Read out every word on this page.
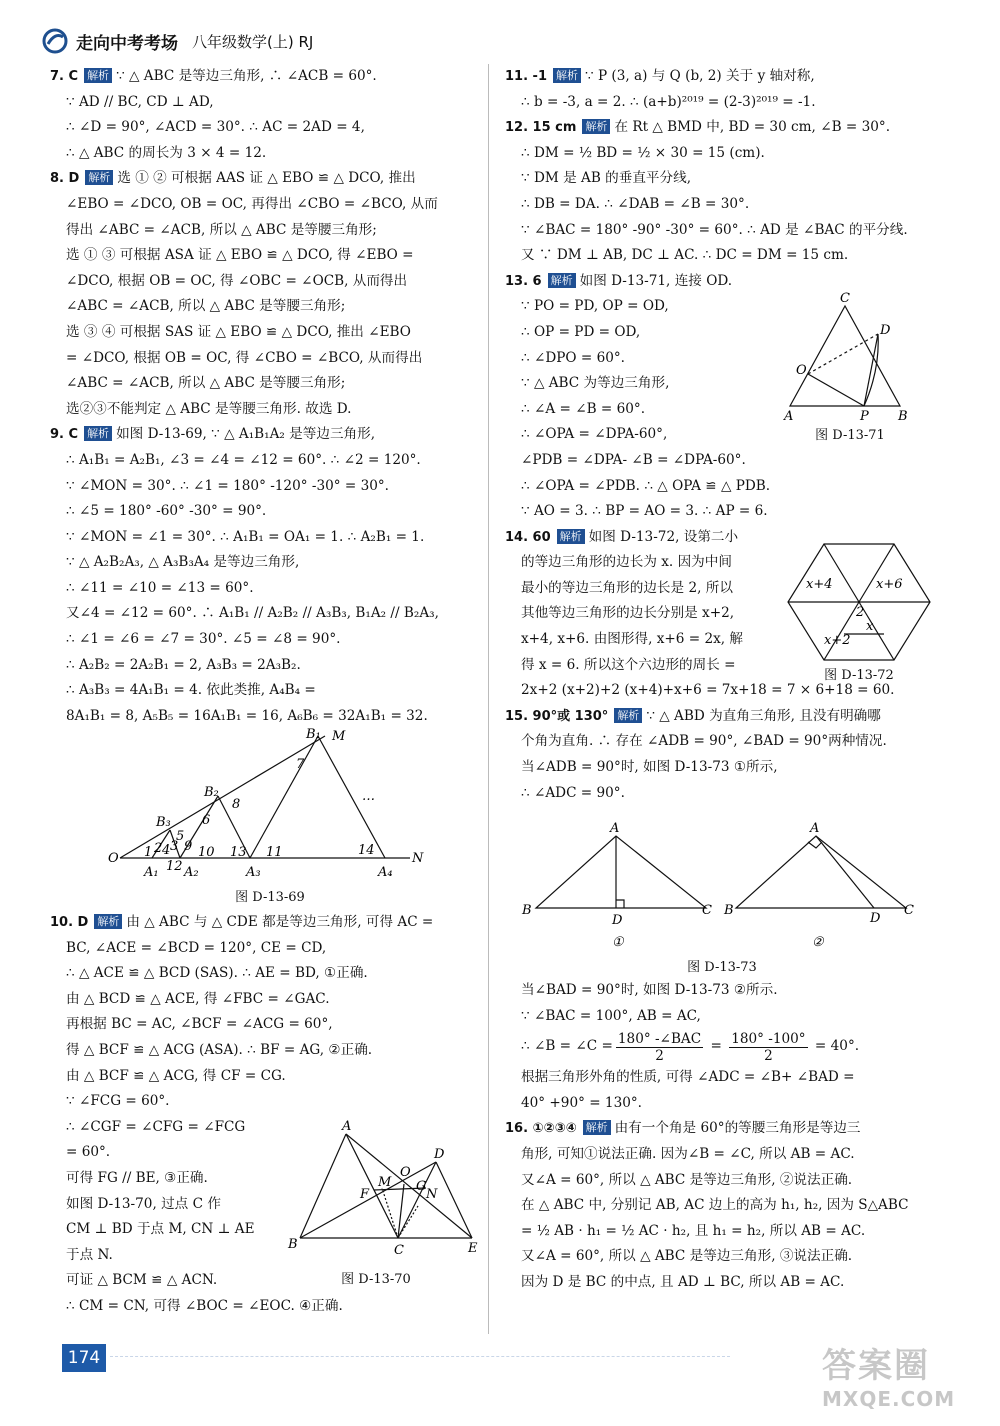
走向中考考场 八年级数学(上) RJ
7. C 解析 ∵ △ ABC 是等边三角形, ∴ ∠ACB = 60°.
∵ AD // BC, CD ⊥ AD,
∴ ∠D = 90°, ∠ACD = 30°. ∴ AC = 2AD = 4,
∴ △ ABC 的周长为 3 × 4 = 12.
8. D 解析 选 ① ② 可根据 AAS 证 △ EBO ≌ △ DCO, 推出
∠EBO = ∠DCO, OB = OC, 再得出 ∠CBO = ∠BCO, 从而
得出 ∠ABC = ∠ACB, 所以 △ ABC 是等腰三角形;
选 ① ③ 可根据 ASA 证 △ EBO ≌ △ DCO, 得 ∠EBO =
∠DCO, 根据 OB = OC, 得 ∠OBC = ∠OCB, 从而得出
∠ABC = ∠ACB, 所以 △ ABC 是等腰三角形;
选 ③ ④ 可根据 SAS 证 △ EBO ≌ △ DCO, 推出 ∠EBO
= ∠DCO, 根据 OB = OC, 得 ∠CBO = ∠BCO, 从而得出
∠ABC = ∠ACB, 所以 △ ABC 是等腰三角形;
选②③不能判定 △ ABC 是等腰三角形. 故选 D.
9. C 解析 如图 D-13-69, ∵ △ A₁B₁A₂ 是等边三角形,
∴ A₁B₁ = A₂B₁, ∠3 = ∠4 = ∠12 = 60°. ∴ ∠2 = 120°.
∵ ∠MON = 30°. ∴ ∠1 = 180° -120° -30° = 30°.
∴ ∠5 = 180° -60° -30° = 90°.
∵ ∠MON = ∠1 = 30°. ∴ A₁B₁ = OA₁ = 1. ∴ A₂B₁ = 1.
∵ △ A₂B₂A₃, △ A₃B₃A₄ 是等边三角形,
∴ ∠11 = ∠10 = ∠13 = 60°.
又∠4 = ∠12 = 60°. ∴ A₁B₁ // A₂B₂ // A₃B₃, B₁A₂ // B₂A₃,
∴ ∠1 = ∠6 = ∠7 = 30°. ∠5 = ∠8 = 90°.
∴ A₂B₂ = 2A₂B₁ = 2, A₃B₃ = 2A₃B₂.
∴ A₃B₃ = 4A₁B₁ = 4. 依此类推, A₄B₄ =
8A₁B₁ = 8, A₅B₅ = 16A₁B₁ = 16, A₆B₆ = 32A₁B₁ = 32.
O	N
M
B₁
B₂
B₃
A₁ A₂	A₃	A₄
…
1 2 3
4
5
6
7
8
9 10	11
12
13	14
图 D-13-69
10. D 解析 由 △ ABC 与 △ CDE 都是等边三角形, 可得 AC =
BC, ∠ACE = ∠BCD = 120°, CE = CD,
∴ △ ACE ≌ △ BCD (SAS). ∴ AE = BD, ①正确.
由 △ BCD ≌ △ ACE, 得 ∠FBC = ∠GAC.
再根据 BC = AC, ∠BCF = ∠ACG = 60°,
得 △ BCF ≌ △ ACG (ASA). ∴ BF = AG, ②正确.
由 △ BCF ≌ △ ACG, 得 CF = CG.
∵ ∠FCG = 60°.
∴ ∠CGF = ∠CFG = ∠FCG
= 60°.
可得 FG // BE, ③正确.
如图 D-13-70, 过点 C 作
CM ⊥ BD 于点 M, CN ⊥ AE
于点 N.
可证 △ BCM ≌ △ ACN.
∴ CM = CN, 可得 ∠BOC = ∠EOC. ④正确.
A
B	C
D
E
F
G
M
N
O
图 D-13-70
11. -1 解析 ∵ P (3, a) 与 Q (b, 2) 关于 y 轴对称,
∴ b = -3, a = 2. ∴ (a+b)²⁰¹⁹ = (2-3)²⁰¹⁹ = -1.
12. 15 cm 解析 在 Rt △ BMD 中, BD = 30 cm, ∠B = 30°.
∴ DM = ½ BD = ½ × 30 = 15 (cm).
∵ DM 是 AB 的垂直平分线,
∴ DB = DA. ∴ ∠DAB = ∠B = 30°.
∵ ∠BAC = 180° -90° -30° = 60°. ∴ AD 是 ∠BAC 的平分线.
又 ∵ DM ⊥ AB, DC ⊥ AC. ∴ DC = DM = 15 cm.
13. 6 解析 如图 D-13-71, 连接 OD.
∵ PO = PD, OP = OD,
∴ OP = PD = OD,
∴ ∠DPO = 60°.
∵ △ ABC 为等边三角形,
∴ ∠A = ∠B = 60°.
∴ ∠OPA = ∠DPA-60°,
∠PDB = ∠DPA- ∠B = ∠DPA-60°.
∴ ∠OPA = ∠PDB. ∴ △ OPA ≌ △ PDB.
∵ AO = 3. ∴ BP = AO = 3. ∴ AP = 6.
14. 60 解析 如图 D-13-72, 设第二小
的等边三角形的边长为 x. 因为中间
最小的等边三角形的边长是 2, 所以
其他等边三角形的边长分别是 x+2,
x+4, x+6. 由图形得, x+6 = 2x, 解
得 x = 6. 所以这个六边形的周长 =
2x+2 (x+2)+2 (x+4)+x+6 = 7x+18 = 7 × 6+18 = 60.
15. 90°或 130° 解析 ∵ △ ABD 为直角三角形, 且没有明确哪
个角为直角. ∴ 存在 ∠ADB = 90°, ∠BAD = 90°两种情况.
当∠ADB = 90°时, 如图 D-13-73 ①所示,
∴ ∠ADC = 90°.
A	B
C
D
O
P
图 D-13-71
x+4	x+6
2
x+2
x
图 D-13-72
A
B	C
D
A
B	C
D
①	②
图 D-13-73
当∠BAD = 90°时, 如图 D-13-73 ②所示.
∵ ∠BAC = 100°, AB = AC,
∴ ∠B = ∠C = 180° -∠BAC
2
= $\frac{180^\circ -100^\circ}{2} = 40^\circ$.
根据三角形外角的性质, 可得 ∠ADC = ∠B+ ∠BAD =
40° +90° = 130°.
16. ①②③④ 解析 由有一个角是 60°的等腰三角形是等边三
角形, 可知①说法正确. 因为∠B = ∠C, 所以 AB = AC.
又∠A = 60°, 所以 △ ABC 是等边三角形, ②说法正确.
在 △ ABC 中, 分别记 AB, AC 边上的高为 h₁, h₂, 因为 S△ABC
= ½ AB · h₁ = ½ AC · h₂, 且 h₁ = h₂, 所以 AB = AC.
又∠A = 60°, 所以 △ ABC 是等边三角形, ③说法正确.
因为 D 是 BC 的中点, 且 AD ⊥ BC, 所以 AB = AC.
174	答案圈
MXQE.COM
